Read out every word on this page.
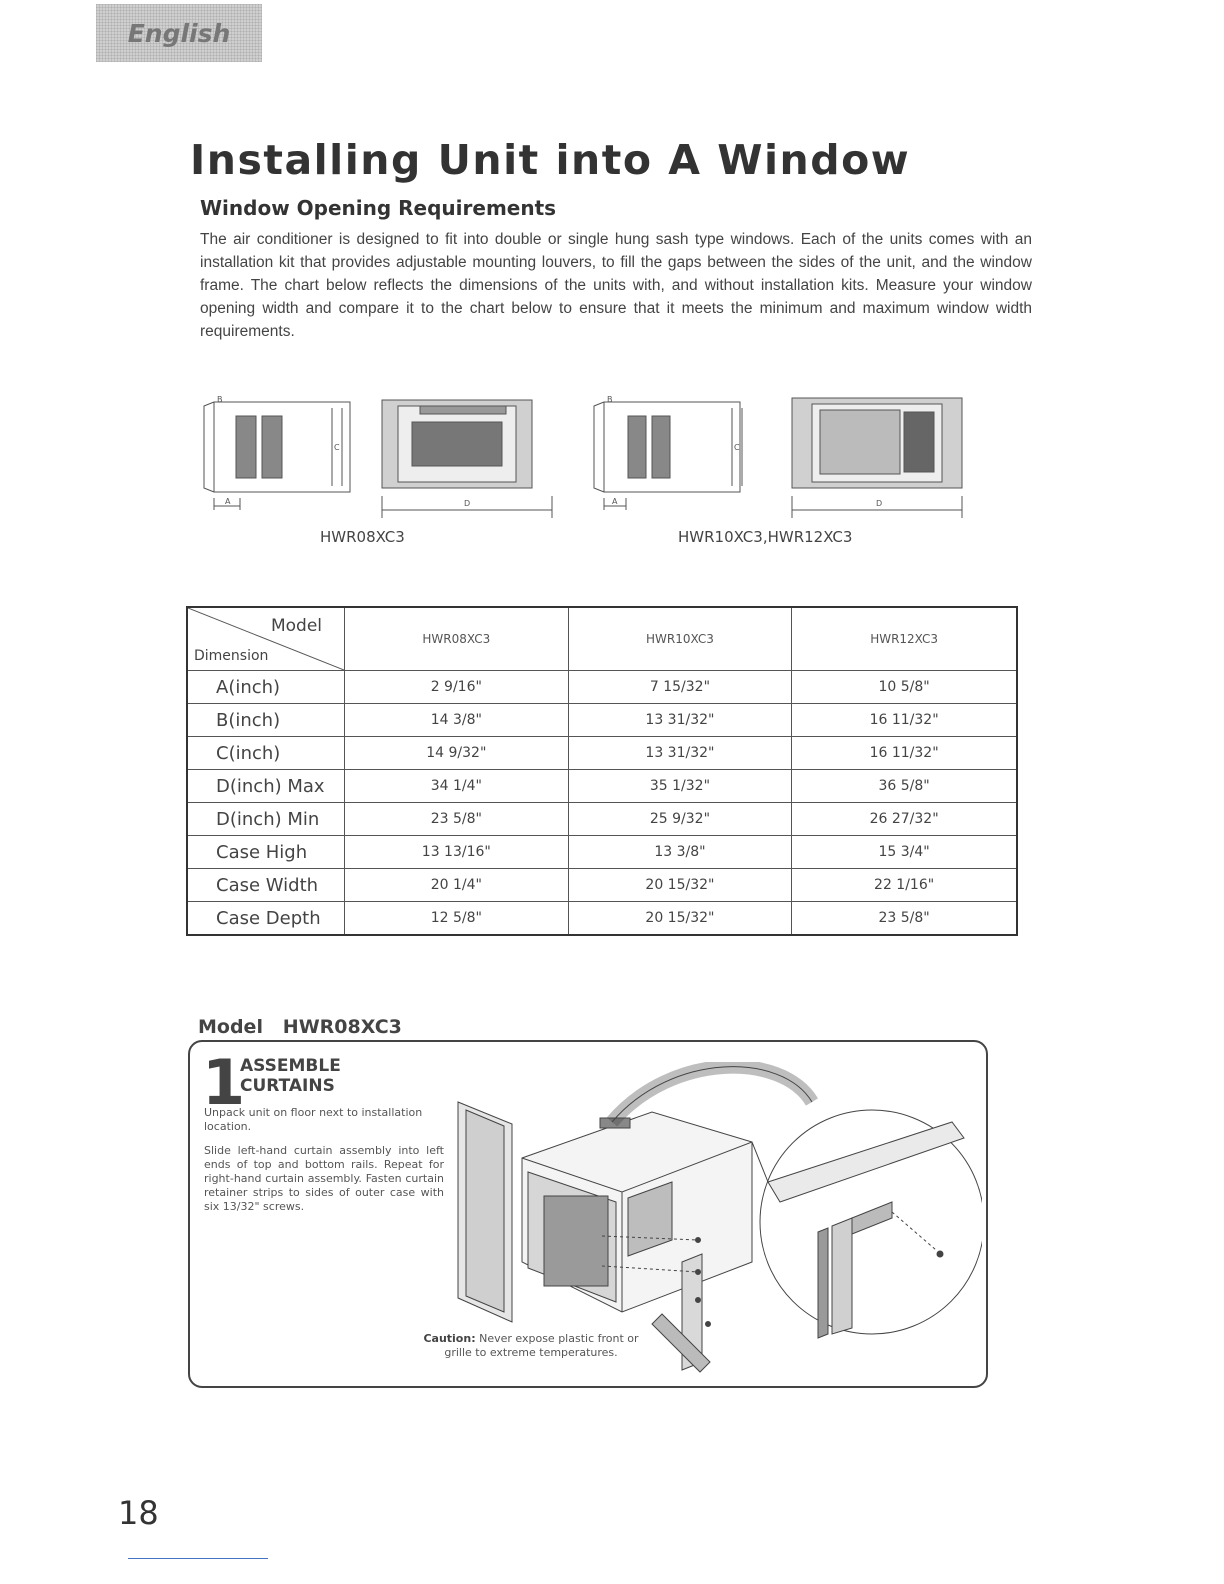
English
Installing Unit into A Window
Window Opening Requirements

The air conditioner is designed to fit into double or single hung sash type windows. Each of the units comes with an installation kit that provides adjustable mounting louvers, to fill the gaps between the sides of the unit, and the window frame. The chart below reflects the dimensions of the units with, and without installation kits. Measure your window opening width and compare it to the chart below to ensure that it meets the minimum and maximum window width requirements.

B
A
C
D
HWR08XC3
B
A
C
D
HWR10XC3,HWR12XC3
Model
Dimension	HWR08XC3	HWR10XC3	HWR12XC3
A(inch)	2 9/16"	7 15/32"	10 5/8"
B(inch)	14 3/8"	13 31/32"	16 11/32"
C(inch)	14 9/32"	13 31/32"	16 11/32"
D(inch) Max	34 1/4"	35 1/32"	36 5/8"
D(inch) Min	23 5/8"	25 9/32"	26 27/32"
Case High	13 13/16"	13 3/8"	15 3/4"
Case Width	20 1/4"	20 15/32"	22 1/16"
Case Depth	12 5/8"	20 15/32"	23 5/8"
Model   HWR08XC3
1

ASSEMBLE
CURTAINS

Unpack unit on floor next to installation location.

Slide left-hand curtain assembly into left ends of top and bottom rails. Repeat for right-hand curtain assembly. Fasten curtain retainer strips to sides of outer case with six 13/32" screws.

Caution: Never expose plastic front or grille to extreme temperatures.

18
